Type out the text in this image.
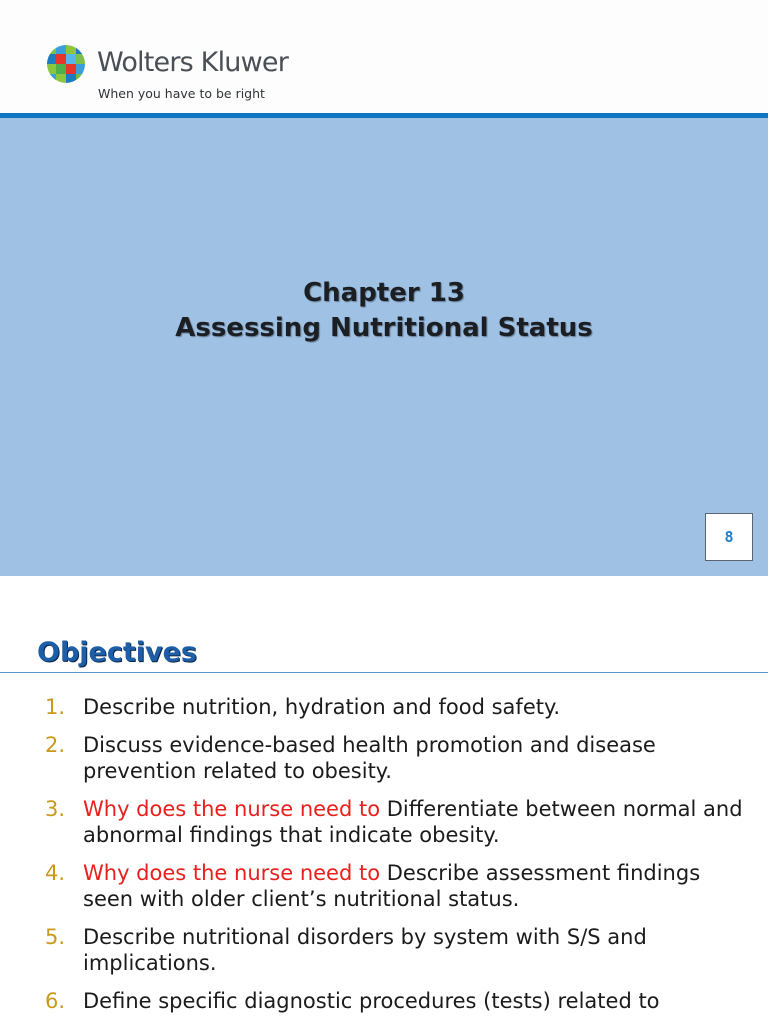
Wolters Kluwer
When you have to be right
Chapter 13
Assessing Nutritional Status
8
Objectives
1. Describe nutrition, hydration and food safety.
2. Discuss evidence-based health promotion and disease prevention related to obesity.
3. Why does the nurse need to Differentiate between normal and abnormal findings that indicate obesity.
4. Why does the nurse need to Describe assessment findings seen with older client’s nutritional status.
5. Describe nutritional disorders by system with S/S and implications.
6. Define specific diagnostic procedures (tests) related to
